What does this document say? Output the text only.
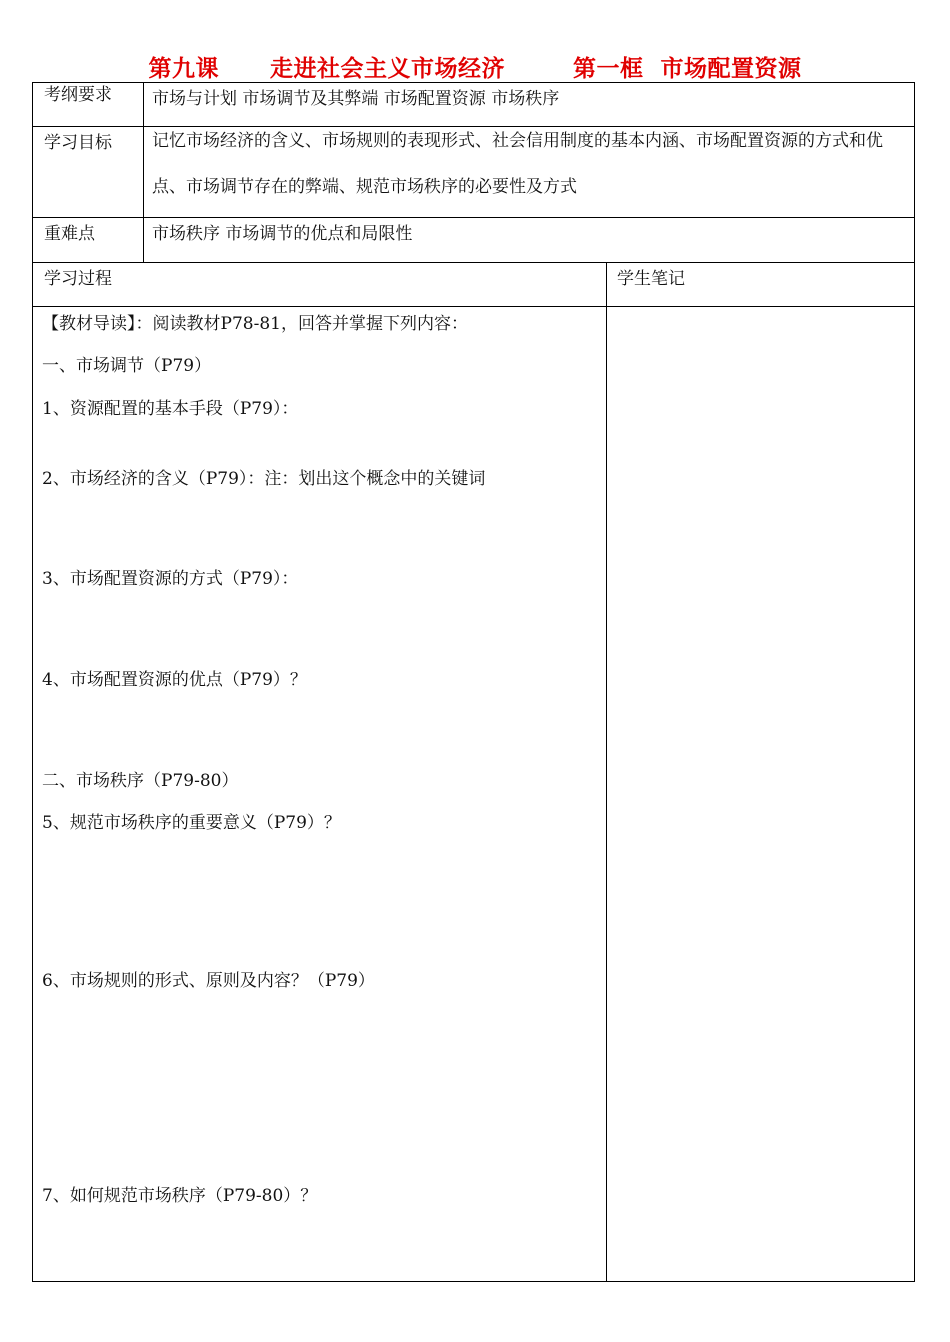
第九课      走进社会主义市场经济        第一框  市场配置资源
考纲要求 市场与计划 市场调节及其弊端 市场配置资源 市场秩序
学习目标 记忆市场经济的含义、市场规则的表现形式、社会信用制度的基本内涵、市场配置资源的方式和优点、市场调节存在的弊端、规范市场秩序的必要性及方式
重难点	市场秩序 市场调节的优点和局限性
学习过程	学生笔记
【教材导读】：阅读教材P78-81，回答并掌握下列内容：
一、市场调节（P79）
1、资源配置的基本手段（P79）：
2、市场经济的含义（P79）：注：划出这个概念中的关键词
3、市场配置资源的方式（P79）：
4、市场配置资源的优点（P79）？
二、市场秩序（P79-80）
5、规范市场秩序的重要意义（P79）？
6、市场规则的形式、原则及内容？（P79）
7、如何规范市场秩序（P79-80）？
